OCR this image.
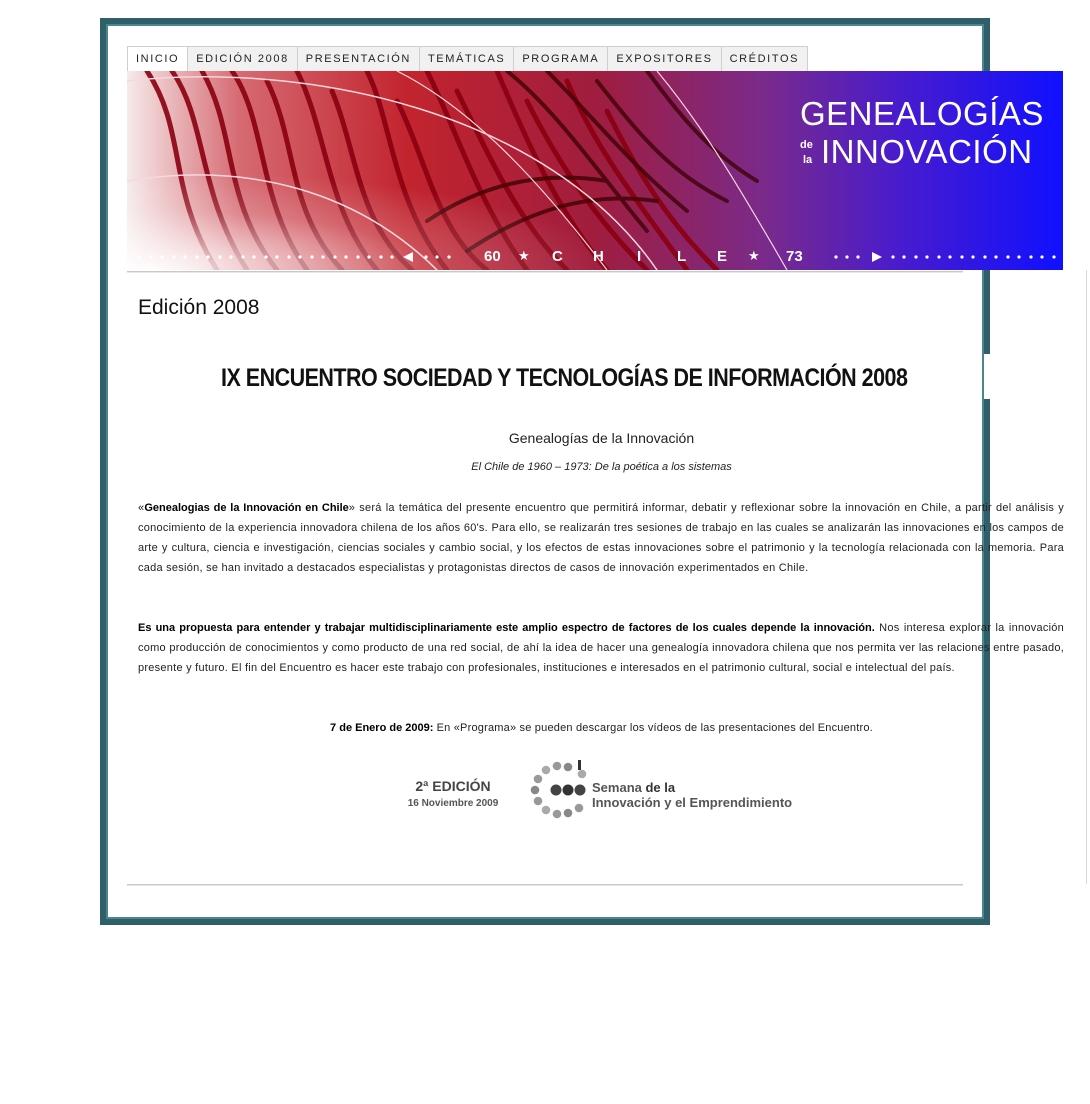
INICIO	EDICIÓN 2008	PRESENTACIÓN	TEMÁTICAS	PROGRAMA	EXPOSITORES	CRÉDITOS
GENEALOGÍAS
de
la INNOVACIÓN
60 ★ C H I L E ★ 73
Edición 2008
IX ENCUENTRO SOCIEDAD Y TECNOLOGÍAS DE INFORMACIÓN 2008
Genealogías de la Innovación
El Chile de 1960 – 1973: De la poética a los sistemas

«Genealogias de la Innovación en Chile» será la temática del presente encuentro que permitirá informar, debatir y reflexionar sobre la innovación en Chile, a partir del análisis y conocimiento de la experiencia innovadora chilena de los años 60's. Para ello, se realizarán tres sesiones de trabajo en las cuales se analizarán las innovaciones en los campos de arte y cultura, ciencia e investigación, ciencias sociales y cambio social, y los efectos de estas innovaciones sobre el patrimonio y la tecnología relacionada con la memoria. Para cada sesión, se han invitado a destacados especialistas y protagonistas directos de casos de innovación experimentados en Chile.

Es una propuesta para entender y trabajar multidisciplinariamente este amplio espectro de factores de los cuales depende la innovación. Nos interesa explorar la innovación como producción de conocimientos y como producto de una red social, de ahí la idea de hacer una genealogía innovadora chilena que nos permita ver las relaciones entre pasado, presente y futuro. El fin del Encuentro es hacer este trabajo con profesionales, instituciones e interesados en el patrimonio cultural, social e intelectual del país.

7 de Enero de 2009: En «Programa» se pueden descargar los vídeos de las presentaciones del Encuentro.
2ª EDICIÓN
16 Noviembre 2009
Semana de la
Innovación y el Emprendimiento
